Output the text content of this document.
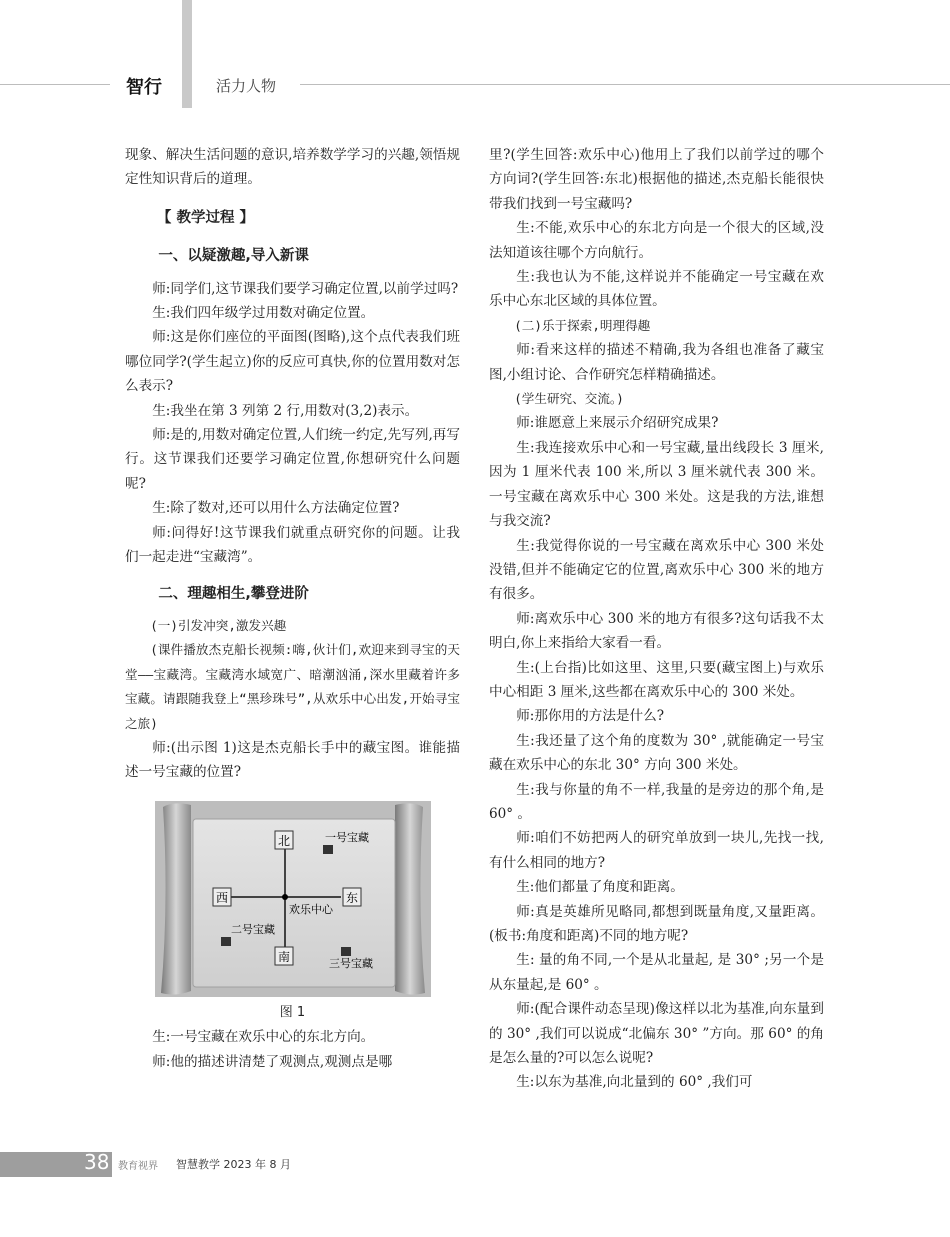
智行	活力人物

现象、解决生活问题的意识,培养数学学习的兴趣,领悟规定性知识背后的道理。

【 教学过程 】
一、以疑激趣,导入新课

师:同学们,这节课我们要学习确定位置,以前学过吗?

生:我们四年级学过用数对确定位置。

师:这是你们座位的平面图(图略),这个点代表我们班哪位同学?(学生起立)你的反应可真快,你的位置用数对怎么表示?

生:我坐在第 3 列第 2 行,用数对(3,2)表示。

师:是的,用数对确定位置,人们统一约定,先写列,再写行。这节课我们还要学习确定位置,你想研究什么问题呢?

生:除了数对,还可以用什么方法确定位置?

师:问得好!这节课我们就重点研究你的问题。让我们一起走进“宝藏湾”。

二、理趣相生,攀登进阶
(一)引发冲突,激发兴趣

(课件播放杰克船长视频:嗨,伙计们,欢迎来到寻宝的天堂——宝藏湾。宝藏湾水域宽广、暗潮汹涌,深水里藏着许多宝藏。请跟随我登上“黑珍珠号”,从欢乐中心出发,开始寻宝之旅)

师:(出示图 1)这是杰克船长手中的藏宝图。谁能描述一号宝藏的位置?

北
南
西	东
欢乐中心
一号宝藏
二号宝藏
三号宝藏
图 1

生:一号宝藏在欢乐中心的东北方向。

师:他的描述讲清楚了观测点,观测点是哪

里?(学生回答:欢乐中心)他用上了我们以前学过的哪个方向词?(学生回答:东北)根据他的描述,杰克船长能很快带我们找到一号宝藏吗?

生:不能,欢乐中心的东北方向是一个很大的区域,没法知道该往哪个方向航行。

生:我也认为不能,这样说并不能确定一号宝藏在欢乐中心东北区域的具体位置。

(二)乐于探索,明理得趣

师:看来这样的描述不精确,我为各组也准备了藏宝图,小组讨论、合作研究怎样精确描述。

(学生研究、交流。)

师:谁愿意上来展示介绍研究成果?

生:我连接欢乐中心和一号宝藏,量出线段长 3 厘米,因为 1 厘米代表 100 米,所以 3 厘米就代表 300 米。一号宝藏在离欢乐中心 300 米处。这是我的方法,谁想与我交流?

生:我觉得你说的一号宝藏在离欢乐中心 300 米处没错,但并不能确定它的位置,离欢乐中心 300 米的地方有很多。

师:离欢乐中心 300 米的地方有很多?这句话我不太明白,你上来指给大家看一看。

生:(上台指)比如这里、这里,只要(藏宝图上)与欢乐中心相距 3 厘米,这些都在离欢乐中心的 300 米处。

师:那你用的方法是什么?

生:我还量了这个角的度数为 30° ,就能确定一号宝藏在欢乐中心的东北 30° 方向 300 米处。

生:我与你量的角不一样,我量的是旁边的那个角,是 60° 。

师:咱们不妨把两人的研究单放到一块儿,先找一找,有什么相同的地方?

生:他们都量了角度和距离。

师:真是英雄所见略同,都想到既量角度,又量距离。(板书:角度和距离)不同的地方呢?

生: 量的角不同,一个是从北量起, 是 30° ;另一个是从东量起,是 60° 。

师:(配合课件动态呈现)像这样以北为基准,向东量到的 30° ,我们可以说成“北偏东 30° ”方向。那 60° 的角是怎么量的?可以怎么说呢?

生:以东为基准,向北量到的 60° ,我们可

38 教育视界 智慧教学 2023 年 8 月
